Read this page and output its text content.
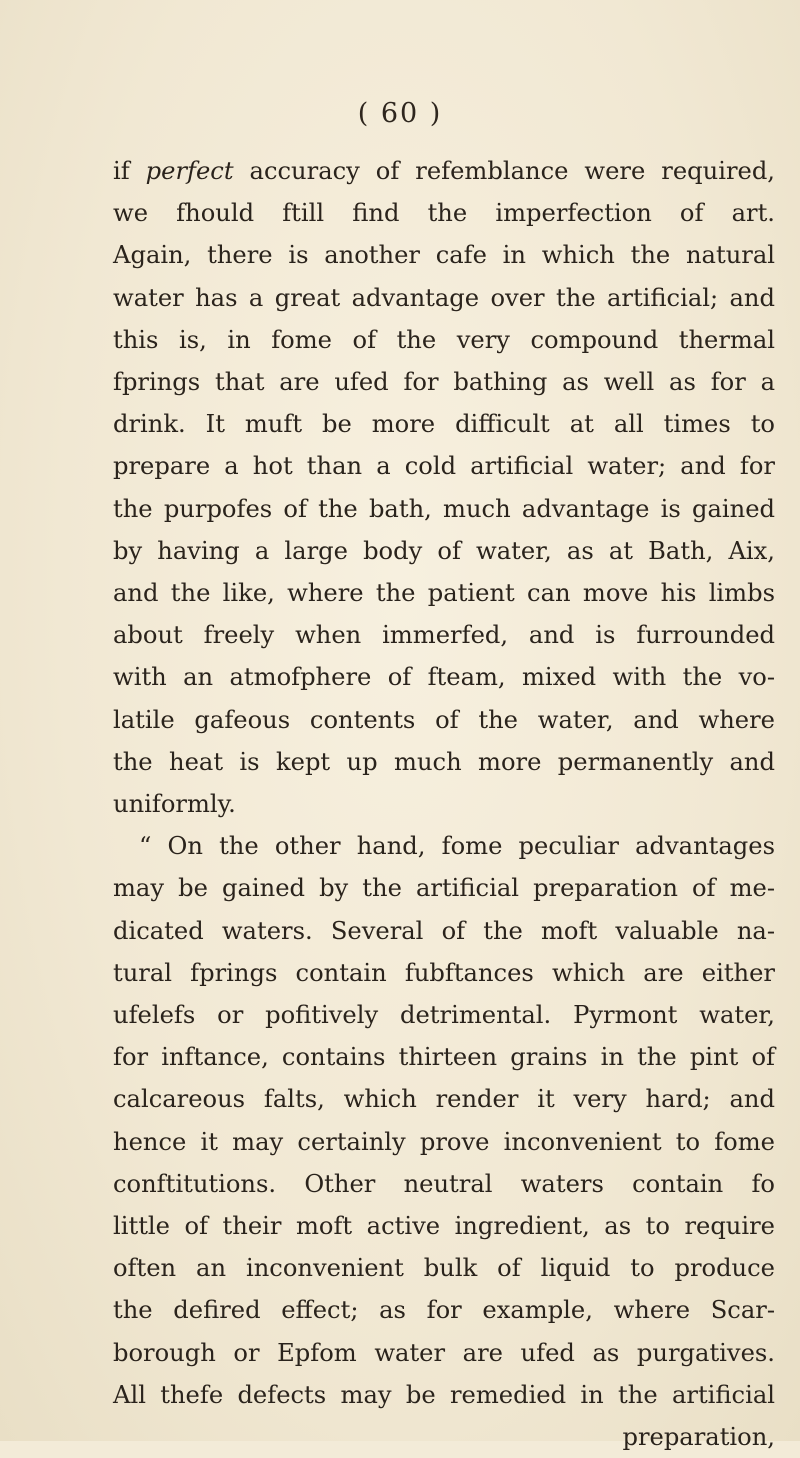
( 60 )
if perfect accuracy of refemblance were required,
we fhould ftill find the imperfection of art.
Again, there is another cafe in which the natural
water has a great advantage over the artificial; and
this is, in fome of the very compound thermal
fprings that are ufed for bathing as well as for a
drink. It muft be more difficult at all times to
prepare a hot than a cold artificial water; and for
the purpofes of the bath, much advantage is gained
by having a large body of water, as at Bath, Aix,
and the like, where the patient can move his limbs
about freely when immerfed, and is furrounded
with an atmofphere of fteam, mixed with the vo-
latile gafeous contents of the water, and where
the heat is kept up much more permanently and
uniformly.
“ On the other hand, fome peculiar advantages
may be gained by the artificial preparation of me-
dicated waters. Several of the moft valuable na-
tural fprings contain fubftances which are either
ufelefs or pofitively detrimental. Pyrmont water,
for inftance, contains thirteen grains in the pint of
calcareous falts, which render it very hard; and
hence it may certainly prove inconvenient to fome
conftitutions. Other neutral waters contain fo
little of their moft active ingredient, as to require
often an inconvenient bulk of liquid to produce
the defired effect; as for example, where Scar-
borough or Epfom water are ufed as purgatives.
All thefe defects may be remedied in the artificial
preparation,
